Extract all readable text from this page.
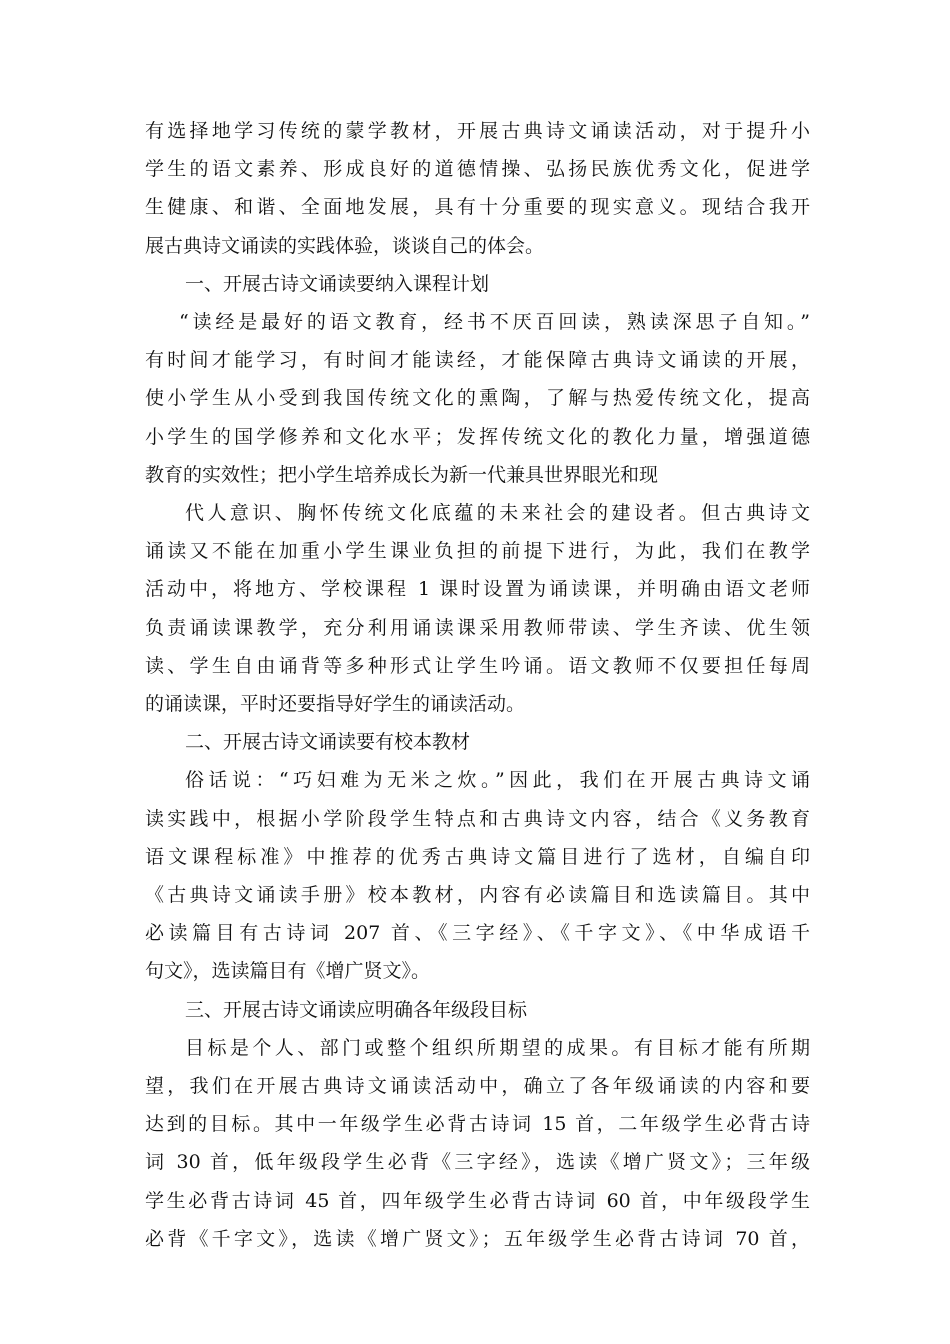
有选择地学习传统的蒙学教材，开展古典诗文诵读活动，对于提升小
学生的语文素养、形成良好的道德情操、弘扬民族优秀文化，促进学
生健康、和谐、全面地发展，具有十分重要的现实意义。现结合我开
展古典诗文诵读的实践体验，谈谈自己的体会。
一、开展古诗文诵读要纳入课程计划
“读经是最好的语文教育，经书不厌百回读，熟读深思子自知。”
有时间才能学习，有时间才能读经，才能保障古典诗文诵读的开展，
使小学生从小受到我国传统文化的熏陶，了解与热爱传统文化，提高
小学生的国学修养和文化水平；发挥传统文化的教化力量，增强道德
教育的实效性；把小学生培养成长为新一代兼具世界眼光和现
代人意识、胸怀传统文化底蕴的未来社会的建设者。但古典诗文
诵读又不能在加重小学生课业负担的前提下进行，为此，我们在教学
活动中，将地方、学校课程 1 课时设置为诵读课，并明确由语文老师
负责诵读课教学，充分利用诵读课采用教师带读、学生齐读、优生领
读、学生自由诵背等多种形式让学生吟诵。语文教师不仅要担任每周
的诵读课，平时还要指导好学生的诵读活动。
二、开展古诗文诵读要有校本教材
俗话说：“巧妇难为无米之炊。”因此，我们在开展古典诗文诵
读实践中，根据小学阶段学生特点和古典诗文内容，结合《义务教育
语文课程标准》中推荐的优秀古典诗文篇目进行了选材，自编自印
《古典诗文诵读手册》校本教材，内容有必读篇目和选读篇目。其中
必读篇目有古诗词 207 首、《三字经》、《千字文》、《中华成语千
句文》，选读篇目有《增广贤文》。
三、开展古诗文诵读应明确各年级段目标
目标是个人、部门或整个组织所期望的成果。有目标才能有所期
望，我们在开展古典诗文诵读活动中，确立了各年级诵读的内容和要
达到的目标。其中一年级学生必背古诗词 15 首，二年级学生必背古诗
词 30 首，低年级段学生必背《三字经》，选读《增广贤文》；三年级
学生必背古诗词 45 首，四年级学生必背古诗词 60 首，中年级段学生
必背《千字文》，选读《增广贤文》；五年级学生必背古诗词 70 首，
